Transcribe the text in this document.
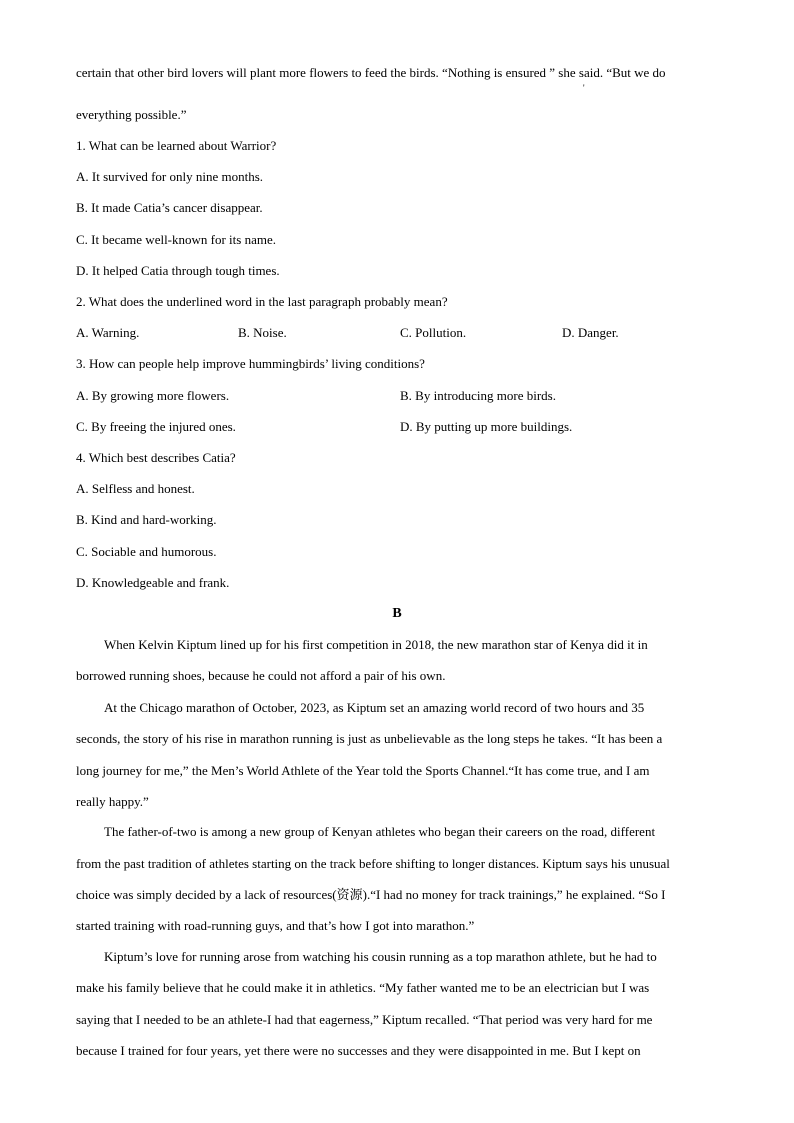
certain that other bird lovers will plant more flowers to feed the birds. “Nothing is ensured ” she said. “But we do
'
everything possible.”
1. What can be learned about Warrior?
A. It survived for only nine months.
B. It made Catia’s cancer disappear.
C. It became well-known for its name.
D. It helped Catia through tough times.
2. What does the underlined word in the last paragraph probably mean?
A. Warning.	B. Noise.	C. Pollution.	D. Danger.
3. How can people help improve hummingbirds’ living conditions?
A. By growing more flowers.	B. By introducing more birds.
C. By freeing the injured ones.	D. By putting up more buildings.
4. Which best describes Catia?
A. Selfless and honest.
B. Kind and hard-working.
C. Sociable and humorous.
D. Knowledgeable and frank.
B
When Kelvin Kiptum lined up for his first competition in 2018, the new marathon star of Kenya did it in
borrowed running shoes, because he could not afford a pair of his own.
At the Chicago marathon of October, 2023, as Kiptum set an amazing world record of two hours and 35
seconds, the story of his rise in marathon running is just as unbelievable as the long steps he takes. “It has been a
long journey for me,” the Men’s World Athlete of the Year told the Sports Channel.“It has come true, and I am
really happy.”
The father-of-two is among a new group of Kenyan athletes who began their careers on the road, different
from the past tradition of athletes starting on the track before shifting to longer distances. Kiptum says his unusual
choice was simply decided by a lack of resources(资源).“I had no money for track trainings,” he explained. “So I
started training with road-running guys, and that’s how I got into marathon.”
Kiptum’s love for running arose from watching his cousin running as a top marathon athlete, but he had to
make his family believe that he could make it in athletics. “My father wanted me to be an electrician but I was
saying that I needed to be an athlete-I had that eagerness,” Kiptum recalled. “That period was very hard for me
because I trained for four years, yet there were no successes and they were disappointed in me. But I kept on
